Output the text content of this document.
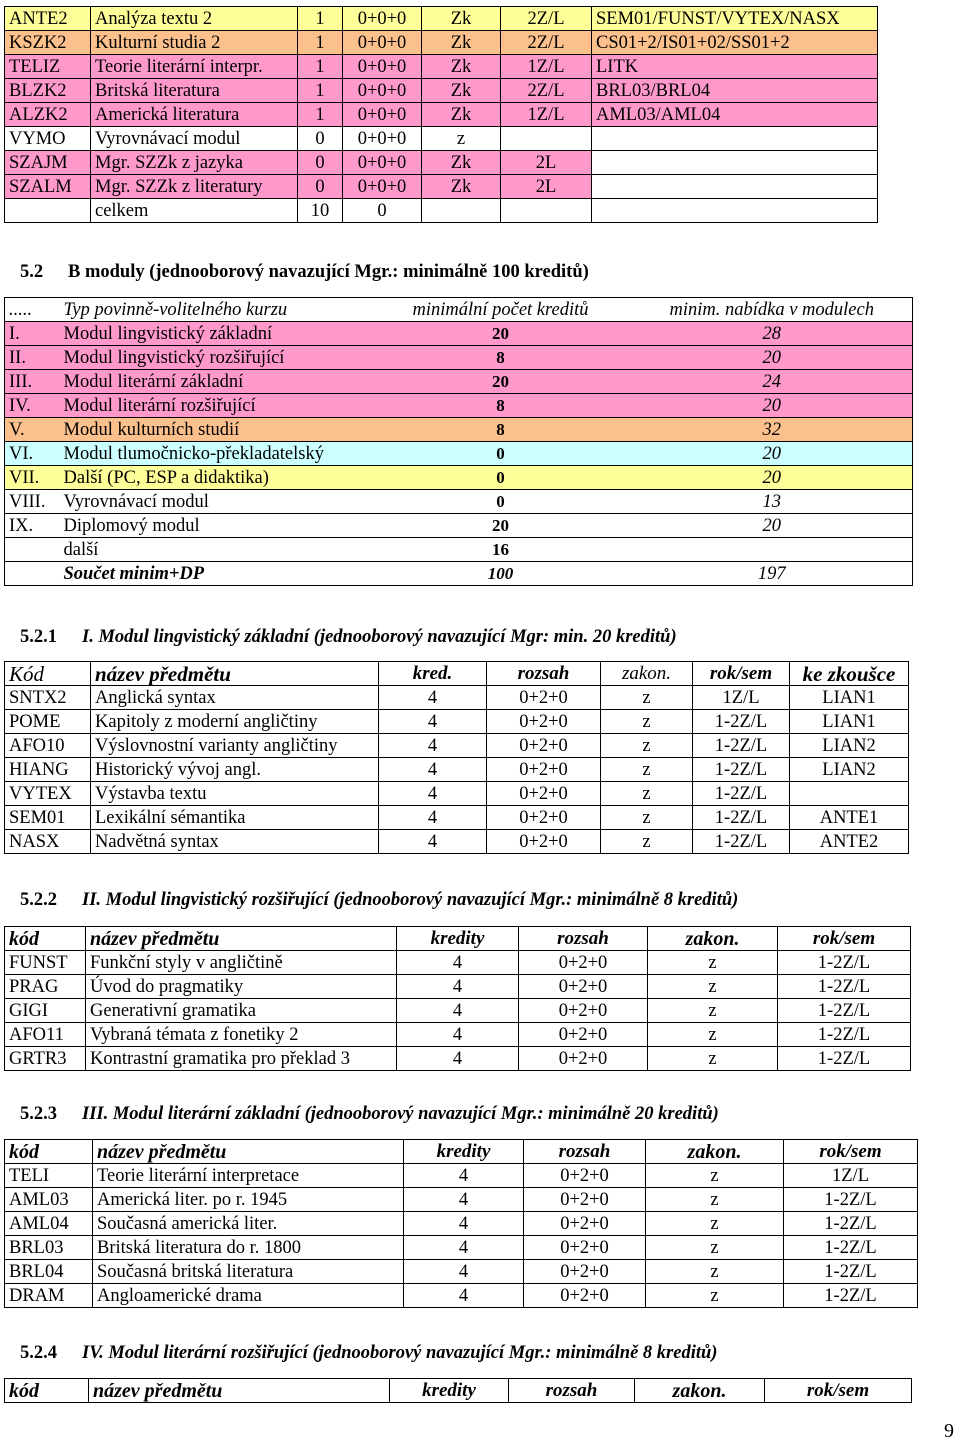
ANTE2	Analýza textu 2	1	0+0+0	Zk	2Z/L	SEM01/FUNST/VYTEX/NASX
KSZK2	Kulturní studia 2	1	0+0+0	Zk	2Z/L	CS01+2/IS01+02/SS01+2
TELIZ	Teorie literární interpr.	1	0+0+0	Zk	1Z/L	LITK
BLZK2	Britská literatura	1	0+0+0	Zk	2Z/L	BRL03/BRL04
ALZK2	Americká literatura	1	0+0+0	Zk	1Z/L	AML03/AML04
VYMO	Vyrovnávací modul	0	0+0+0	z		
SZAJM	Mgr. SZZk z jazyka	0	0+0+0	Zk	2L	
SZALM	Mgr. SZZk z literatury	0	0+0+0	Zk	2L	
	celkem	10	0			
5.2 B moduly (jednooborový navazující Mgr.: minimálně 100 kreditů)
.....	Typ povinně-volitelného kurzu	minimální počet kreditů	minim. nabídka v modulech
I.	Modul lingvistický základní	20	28
II.	Modul lingvistický rozšiřující	8	20
III.	Modul literární základní	20	24
IV.	Modul literární rozšiřující	8	20
V.	Modul kulturních studií	8	32
VI.	Modul tlumočnicko-překladatelský	0	20
VII.	Další (PC, ESP a didaktika)	0	20
VIII.	Vyrovnávací modul	0	13
IX.	Diplomový modul	20	20
	další	16	
	Součet minim+DP	100	197
5.2.1 I. Modul lingvistický základní (jednooborový navazující Mgr: min. 20 kreditů)
Kód	název předmětu	kred.	rozsah	zakon.	rok/sem	ke zkoušce
SNTX2	Anglická syntax	4	0+2+0	z	1Z/L	LIAN1
POME	Kapitoly z moderní angličtiny	4	0+2+0	z	1-2Z/L	LIAN1
AFO10	Výslovnostní varianty angličtiny	4	0+2+0	z	1-2Z/L	LIAN2
HIANG	Historický vývoj angl.	4	0+2+0	z	1-2Z/L	LIAN2
VYTEX	Výstavba textu	4	0+2+0	z	1-2Z/L	
SEM01	Lexikální sémantika	4	0+2+0	z	1-2Z/L	ANTE1
NASX	Nadvětná syntax	4	0+2+0	z	1-2Z/L	ANTE2
5.2.2 II. Modul lingvistický rozšiřující (jednooborový navazující Mgr.: minimálně 8 kreditů)
kód	název předmětu	kredity	rozsah	zakon.	rok/sem
FUNST	Funkční styly v angličtině	4	0+2+0	z	1-2Z/L
PRAG	Úvod do pragmatiky	4	0+2+0	z	1-2Z/L
GIGI	Generativní gramatika	4	0+2+0	z	1-2Z/L
AFO11	Vybraná témata z fonetiky 2	4	0+2+0	z	1-2Z/L
GRTR3	Kontrastní gramatika pro překlad 3	4	0+2+0	z	1-2Z/L
5.2.3 III. Modul literární základní (jednooborový navazující Mgr.: minimálně 20 kreditů)
kód	název předmětu	kredity	rozsah	zakon.	rok/sem
TELI	Teorie literární interpretace	4	0+2+0	z	1Z/L
AML03	Americká liter. po r. 1945	4	0+2+0	z	1-2Z/L
AML04	Současná americká liter.	4	0+2+0	z	1-2Z/L
BRL03	Britská literatura do r. 1800	4	0+2+0	z	1-2Z/L
BRL04	Současná britská literatura	4	0+2+0	z	1-2Z/L
DRAM	Angloamerické drama	4	0+2+0	z	1-2Z/L
5.2.4 IV. Modul literární rozšiřující (jednooborový navazující Mgr.: minimálně 8 kreditů)
kód	název předmětu	kredity	rozsah	zakon.	rok/sem
9
